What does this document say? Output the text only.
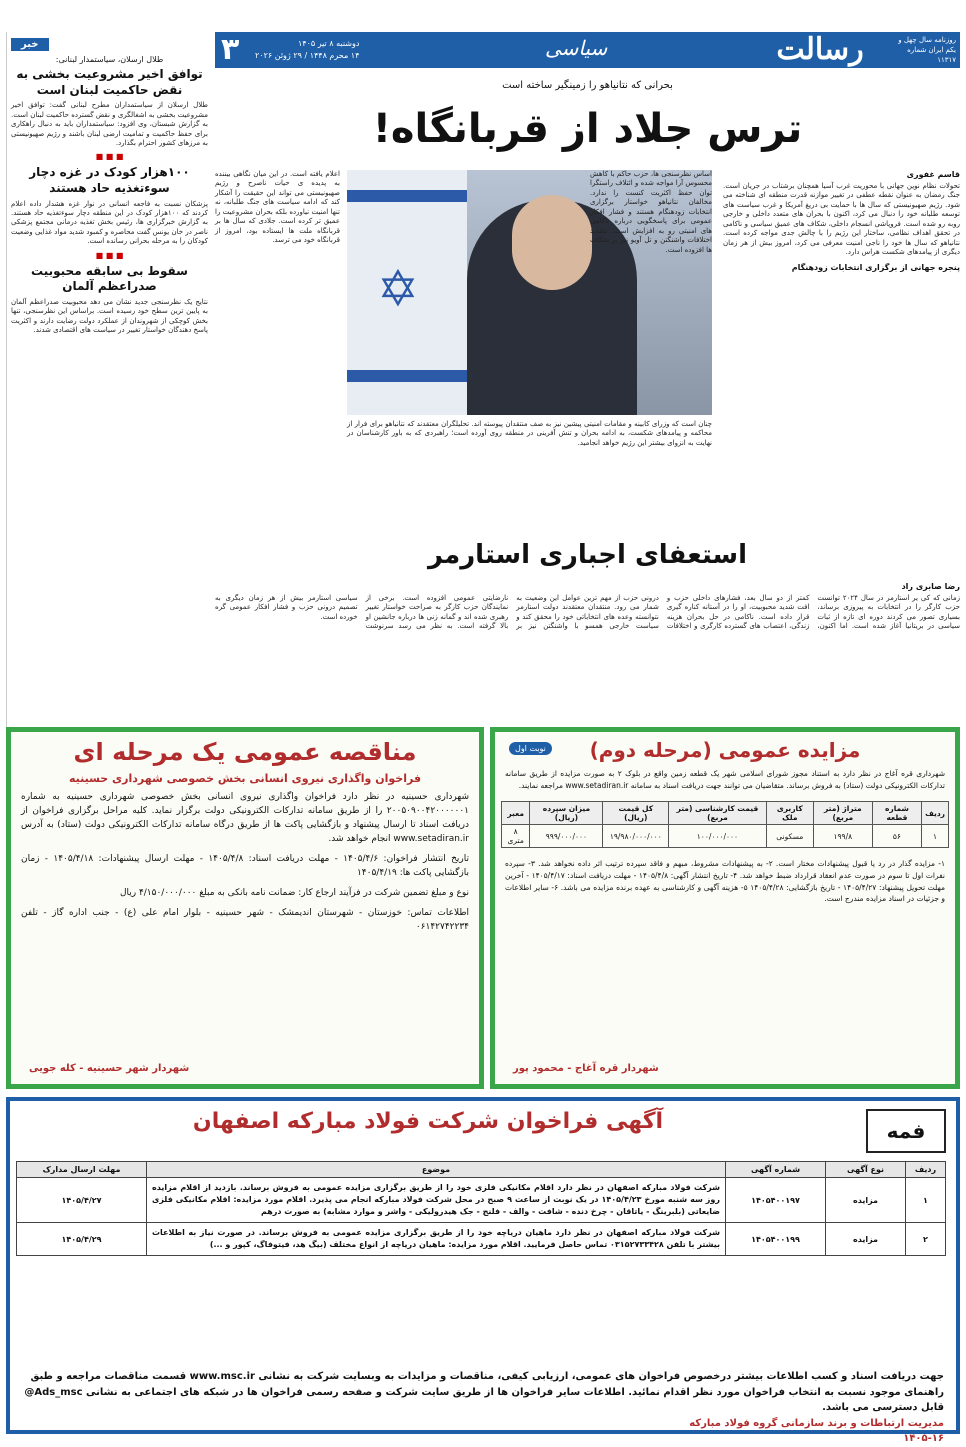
روزنامه سال چهل و یکم ایران شماره ۱۱۳۱۷
رسالت
سیاسی
دوشنبه ۸ تیر ۱۴۰۵
۱۴ محرم ۱۴۴۸ / ۲۹ ژوئن ۲۰۲۶
۳
خبر
طلال ارسلان، سیاستمدار لبنانی:
توافق اخیر مشروعیت بخشی به نقض حاکمیت لبنان است
طلال ارسلان از سیاستمداران مطرح لبنانی گفت: توافق اخیر مشروعیت بخشی به اشغالگری و نقض گسترده حاکمیت لبنان است. به گزارش شبستان، وی افزود: سیاستمداران باید به دنبال راهکاری برای حفظ حاکمیت و تمامیت ارضی لبنان باشند و رژیم صهیونیستی به مرزهای کشور احترام بگذارد.
■ ■ ■
۱۰۰هزار کودک در غزه دچار سوءتغذیه حاد هستند
پزشکان نسبت به فاجعه انسانی در نوار غزه هشدار داده اعلام کردند که ۱۰۰هزار کودک در این منطقه دچار سوءتغذیه حاد هستند. به گزارش خبرگزاری ها، رئیس بخش تغذیه درمانی مجتمع پزشکی ناصر در خان یونس گفت محاصره و کمبود شدید مواد غذایی وضعیت کودکان را به مرحله بحرانی رسانده است.
■ ■ ■
سقوط بی سابقه محبوبیت صدراعظم آلمان
نتایج یک نظرسنجی جدید نشان می دهد محبوبیت صدراعظم آلمان به پایین ترین سطح خود رسیده است. براساس این نظرسنجی، تنها بخش کوچکی از شهروندان از عملکرد دولت رضایت دارند و اکثریت پاسخ دهندگان خواستار تغییر در سیاست های اقتصادی شدند.
بحرانی که نتانیاهو را زمینگیر ساخته است
ترس جلاد از قربانگاه!
✡
قاسم غفوری
تحولات نظام نوین جهانی با محوریت غرب آسیا همچنان برشتاب در جریان است. جنگ رمضان به عنوان نقطه عطفی در تغییر موازنه قدرت منطقه ای شناخته می شود. رژیم صهیونیستی که سال ها با حمایت بی دریغ آمریکا و غرب سیاست های توسعه طلبانه خود را دنبال می کرد، اکنون با بحران های متعدد داخلی و خارجی روبه رو شده است. فروپاشی انسجام داخلی، شکاف های عمیق سیاسی و ناکامی در تحقق اهداف نظامی، ساختار این رژیم را با چالش جدی مواجه کرده است. نتانیاهو که سال ها خود را ناجی امنیت معرفی می کرد، امروز بیش از هر زمان دیگری از پیامدهای شکست هراس دارد.
پنجره جهانی از برگزاری انتخابات زودهنگام
اساس نظرسنجی ها، حزب حاکم با کاهش محسوس آرا مواجه شده و ائتلاف راستگرا توان حفظ اکثریت کنست را ندارد. مخالفان نتانیاهو خواستار برگزاری انتخابات زودهنگام هستند و فشار افکار عمومی برای پاسخگویی درباره ناکامی های امنیتی رو به افزایش است. تشدید اختلافات واشنگتن و تل آویو نیز بر شکاف ها افزوده است.
اعلام یافته است. در این میان نگاهی بیننده به پدیده ی حیات ناصرح و رژیم صهیونیستی می تواند این حقیقت را آشکار کند که ادامه سیاست های جنگ طلبانه، نه تنها امنیت نیاورده بلکه بحران مشروعیت را عمیق تر کرده است. جلادی که سال ها بر قربانگاه ملت ها ایستاده بود، امروز از قربانگاه خود می ترسد.
چنان است که وزرای کابینه و مقامات امنیتی پیشین نیز به صف منتقدان پیوسته اند. تحلیلگران معتقدند که نتانیاهو برای فرار از محاکمه و پیامدهای شکست، به ادامه بحران و تنش آفرینی در منطقه روی آورده است؛ راهبردی که به باور کارشناسان در نهایت به انزوای بیشتر این رژیم خواهد انجامید.
استعفای اجباری استارمر
رضا صابری راد
زمانی که کی یر استارمر در سال ۲۰۲۴ توانست حزب کارگر را در انتخابات به پیروزی برساند، بسیاری تصور می کردند دوره ای تازه از ثبات سیاسی در بریتانیا آغاز شده است. اما اکنون، کمتر از دو سال بعد، فشارهای داخلی حزب و افت شدید محبوبیت، او را در آستانه کناره گیری قرار داده است. ناکامی در حل بحران هزینه زندگی، اعتصاب های گسترده کارگری و اختلافات درونی حزب از مهم ترین عوامل این وضعیت به شمار می رود. منتقدان معتقدند دولت استارمر نتوانسته وعده های انتخاباتی خود را محقق کند و سیاست خارجی همسو با واشنگتن نیز بر نارضایتی عمومی افزوده است. برخی از نمایندگان حزب کارگر به صراحت خواستار تغییر رهبری شده اند و گمانه زنی ها درباره جانشین او بالا گرفته است. به نظر می رسد سرنوشت سیاسی استارمر بیش از هر زمان دیگری به تصمیم درونی حزب و فشار افکار عمومی گره خورده است.
نوبت اول	مزایده عمومی (مرحله دوم)
شهرداری قره آغاج در نظر دارد به استناد مجوز شورای اسلامی شهر یک قطعه زمین واقع در بلوک ۲ به صورت مزایده از طریق سامانه تدارکات الکترونیکی دولت (ستاد) به فروش برساند. متقاضیان می توانند جهت دریافت اسناد به سامانه www.setadiran.ir مراجعه نمایند.
ردیف	شماره قطعه	متراژ (متر مربع)	کاربری ملک	قیمت کارشناسی (متر مربع)	کل قیمت (ریال)	میزان سپرده (ریال)	معبر
۱	۵۶	۱۹۹/۸	مسکونی	۱۰۰/۰۰۰/۰۰۰	۱۹/۹۸۰/۰۰۰/۰۰۰	۹۹۹/۰۰۰/۰۰۰	۸ متری
۱- مزایده گذار در رد یا قبول پیشنهادات مختار است. ۲- به پیشنهادات مشروط، مبهم و فاقد سپرده ترتیب اثر داده نخواهد شد. ۳- سپرده نفرات اول تا سوم در صورت عدم انعقاد قرارداد ضبط خواهد شد. ۴- تاریخ انتشار آگهی: ۱۴۰۵/۴/۸ - مهلت دریافت اسناد: ۱۴۰۵/۴/۱۷ - آخرین مهلت تحویل پیشنهاد: ۱۴۰۵/۴/۲۷ - تاریخ بازگشایی: ۱۴۰۵/۴/۲۸ ۵- هزینه آگهی و کارشناسی به عهده برنده مزایده می باشد. ۶- سایر اطلاعات و جزئیات در اسناد مزایده مندرج است.
شهردار قره آغاج - محمود پور
مناقصه عمومی یک مرحله ای
فراخوان واگذاری نیروی انسانی بخش خصوصی شهرداری حسینیه
شهرداری حسینیه در نظر دارد فراخوان واگذاری نیروی انسانی بخش خصوصی شهرداری حسینیه به شماره ۲۰۰۵۰۹۰۰۴۲۰۰۰۰۰۰۱ را از طریق سامانه تدارکات الکترونیکی دولت برگزار نماید. کلیه مراحل برگزاری فراخوان از دریافت اسناد تا ارسال پیشنهاد و بازگشایی پاکت ها از طریق درگاه سامانه تدارکات الکترونیکی دولت (ستاد) به آدرس www.setadiran.ir انجام خواهد شد.
تاریخ انتشار فراخوان: ۱۴۰۵/۴/۶ - مهلت دریافت اسناد: ۱۴۰۵/۴/۸ - مهلت ارسال پیشنهادات: ۱۴۰۵/۴/۱۸ - زمان بازگشایی پاکت ها: ۱۴۰۵/۴/۱۹
نوع و مبلغ تضمین شرکت در فرآیند ارجاع کار: ضمانت نامه بانکی به مبلغ ۴/۱۵۰/۰۰۰/۰۰۰ ریال
اطلاعات تماس: خوزستان - شهرستان اندیمشک - شهر حسینیه - بلوار امام علی (ع) - جنب اداره گاز - تلفن ۰۶۱۴۲۷۴۲۲۳۴
شهردار شهر حسینیه - کله جویی
فمه
آگهی فراخوان شرکت فولاد مبارکه اصفهان
ردیف	نوع آگهی	شماره آگهی	موضوع	مهلت ارسال مدارک
۱	مزایده	۱۴۰۵۴۰۰۱۹۷	شرکت فولاد مبارکه اصفهان در نظر دارد اقلام مکانیکی فلزی خود را از طریق برگزاری مزایده عمومی به فروش برساند. بازدید از اقلام مزایده روز سه شنبه مورخ ۱۴۰۵/۴/۲۳ در یک نوبت از ساعت ۹ صبح در محل شرکت فولاد مبارکه انجام می پذیرد. اقلام مورد مزایده: اقلام مکانیکی فلزی ضایعاتی (بلبرینگ - یاتاقان - چرخ دنده - شافت - والف - فلنج - جک هیدرولیکی - واشر و موارد مشابه) به صورت درهم	۱۴۰۵/۴/۲۷
۲	مزایده	۱۴۰۵۴۰۰۱۹۹	شرکت فولاد مبارکه اصفهان در نظر دارد ماهیان دریاچه خود را از طریق برگزاری مزایده عمومی به فروش برساند. در صورت نیاز به اطلاعات بیشتر با تلفن ۰۳۱۵۲۷۳۳۴۲۸ تماس حاصل فرمایید. اقلام مورد مزایده: ماهیان دریاچه از انواع مختلف (بیگ هد، فیتوفاگ، کپور و ...)	۱۴۰۵/۴/۲۹
جهت دریافت اسناد و کسب اطلاعات بیشتر درخصوص فراخوان های عمومی، ارزیابی کیفی، مناقصات و مزایدات به وبسایت شرکت به نشانی www.msc.ir قسمت مناقصات مراجعه و طبق راهنمای موجود نسبت به انتخاب فراخوان مورد نظر اقدام نمائید. اطلاعات سایر فراخوان ها از طریق سایت شرکت و صفحه رسمی فراخوان ها در شبکه های اجتماعی به نشانی Ads_msc@ قابل دسترسی می باشد.
مدیریت ارتباطات و برند سازمانی گروه فولاد مبارکه
۱۴۰۵-۱۶
